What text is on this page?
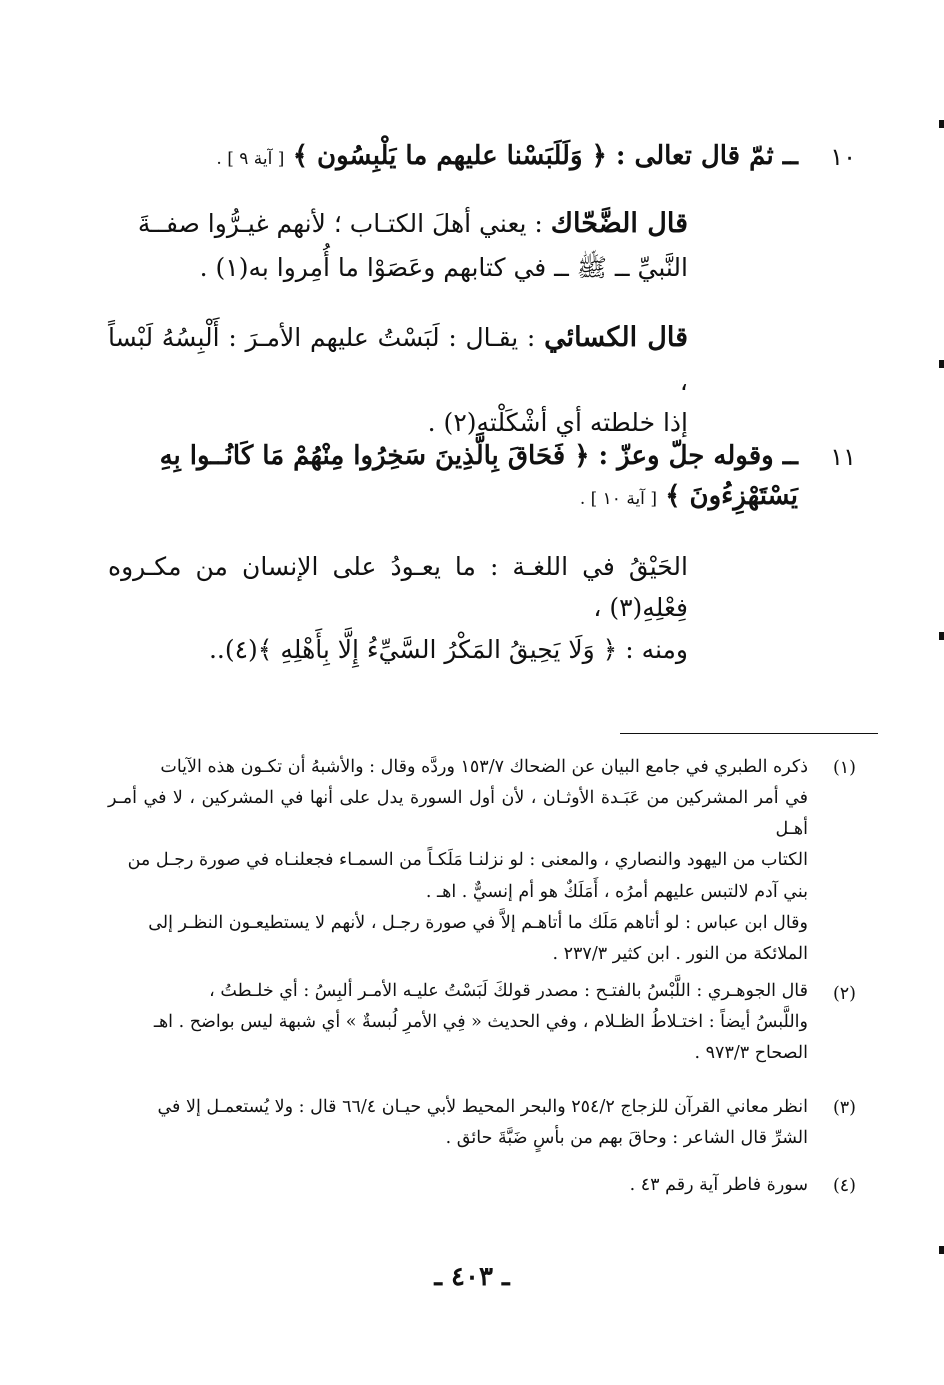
١٠
ــ ثمّ قال تعالى : ﴿ وَلَلَبَسْنا عليهم ما يَلْبِسُون ﴾ [ آية ٩ ] .
قال الضَّحّاك : يعني أهلَ الكتـاب ؛ لأنهم غيـرُّوا صفــةَ
النَّبيِّ ــ ﷺ ــ في كتابهم وعَصَوْا ما أُمِروا به(١) .
قال الكسائي : يقـال : لَبَسْتُ عليهم الأمـرَ : أَلْبِسُهُ لَبْساً ،
إذا خلطته أي أشْكَلْته(٢) .
١١
ــ وقوله جلّ وعزّ : ﴿ فَحَاقَ بِالَّذِينَ سَخِرُوا مِنْهُمْ مَا كَانُــوا بِهِ
يَسْتَهْزِءُونَ ﴾ [ آية ١٠ ] .
الحَيْقُ في اللغـة : ما يعـودُ على الإنسان من مكـروه فِعْلِهِ(٣) ،
ومنه : ﴿ وَلَا يَحِيقُ المَكْرُ السَّيِّءُ إِلَّا بِأَهْلِهِ ﴾(٤)..
(١)
ذكره الطبري في جامع البيان عن الضحاك ١٥٣/٧ وردَّه وقال : والأشبهُ أن تكـون هذه الآيات
في أمر المشركين من عَبَـدة الأوثـان ، لأن أول السورة يدل على أنها في المشركين ، لا في أمـر أهـل
الكتاب من اليهود والنصاري ، والمعنى : لو نزلنـا مَلَكـاً من السمـاء فجعلنـاه في صورة رجـل من
بني آدم لالتبس عليهم أمرُه ، أَمَلَكٌ هو أم إنسيٌّ . اهـ .
وقال ابن عباس : لو أتاهم مَلَك ما أتاهـم إلاَّ في صورة رجـل ، لأنهم لا يستطيعـون النظـر إلى
الملائكة من النور . ابن كثير ٢٣٧/٣ .
(٢)
قال الجوهـري : اللَّبْسُ بالفتـح : مصدر قولكَ لَبَسْتُ عليـه الأمـر ألبِسُ : أي خلـطتُ ،
واللَّبسُ أيضاً : اختـلاطُ الظـلام ، وفي الحديث « فِي الأمرِ لُبسةٌ » أي شبهة ليس بواضح . اهـ
الصحاح ٩٧٣/٣ .
(٣)
انظر معاني القرآن للزجاج ٢٥٤/٢ والبحر المحيط لأبي حيـان ٦٦/٤ قال : ولا يُستعمـل إلا في
الشرِّ قال الشاعر : وحاقَ بهم من بأسٍ ضَبَّةَ حائق .
(٤)
سورة فاطر آية رقم ٤٣ .
ـ ٤٠٣ ـ
